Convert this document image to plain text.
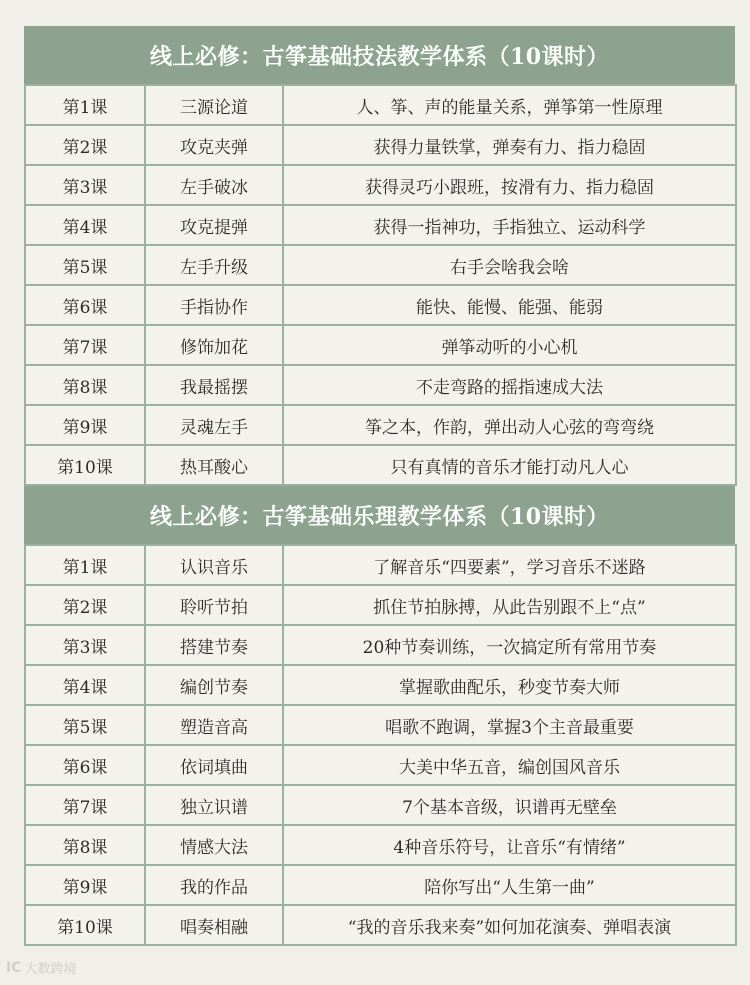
线上必修：古筝基础技法教学体系（10课时）
第1课	三源论道	人、筝、声的能量关系，弹筝第一性原理
第2课	攻克夹弹	获得力量铁掌，弹奏有力、指力稳固
第3课	左手破冰	获得灵巧小跟班，按滑有力、指力稳固
第4课	攻克提弹	获得一指神功，手指独立、运动科学
第5课	左手升级	右手会啥我会啥
第6课	手指协作	能快、能慢、能强、能弱
第7课	修饰加花	弹筝动听的小心机
第8课	我最摇摆	不走弯路的摇指速成大法
第9课	灵魂左手	筝之本，作韵，弹出动人心弦的弯弯绕
第10课	热耳酸心	只有真情的音乐才能打动凡人心
线上必修：古筝基础乐理教学体系（10课时）
第1课	认识音乐	了解音乐“四要素”，学习音乐不迷路
第2课	聆听节拍	抓住节拍脉搏，从此告别跟不上“点”
第3课	搭建节奏	20种节奏训练，一次搞定所有常用节奏
第4课	编创节奏	掌握歌曲配乐，秒变节奏大师
第5课	塑造音高	唱歌不跑调，掌握3个主音最重要
第6课	依词填曲	大美中华五音，编创国风音乐
第7课	独立识谱	7个基本音级，识谱再无壁垒
第8课	情感大法	4种音乐符号，让音乐“有情绪”
第9课	我的作品	陪你写出“人生第一曲”
第10课	唱奏相融	“我的音乐我来奏”如何加花演奏、弹唱表演
IC 大数跨境
